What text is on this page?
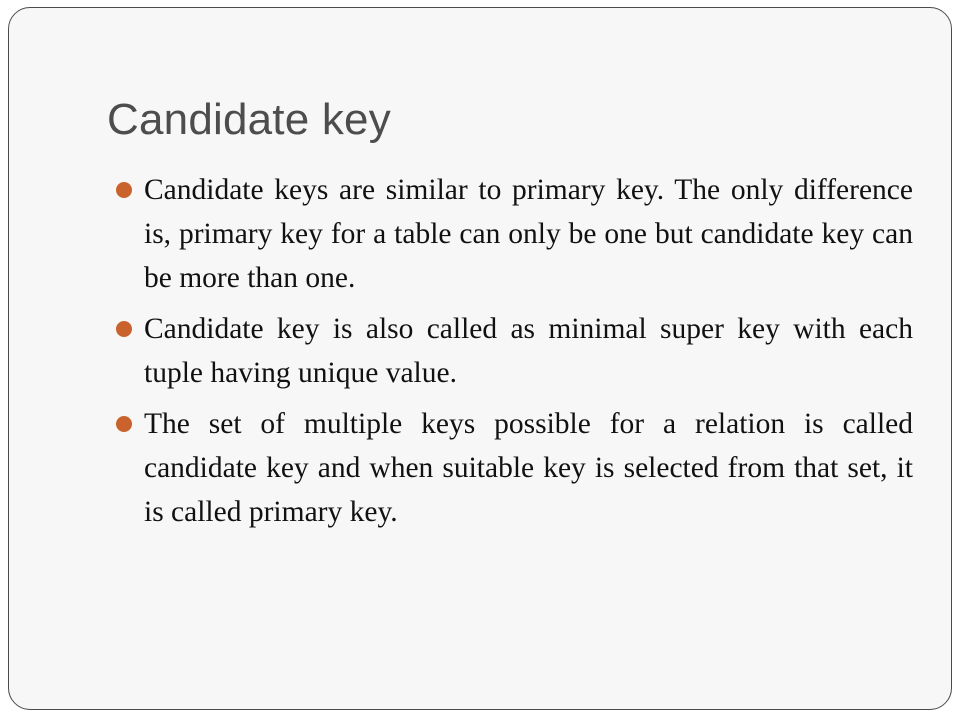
Candidate key
Candidate keys are similar to primary key. The only difference is, primary key for a table can only be one but candidate key can be more than one.
Candidate key is also called as minimal super key with each tuple having unique value.
The set of multiple keys possible for a relation is called candidate key and when suitable key is selected from that set, it is called primary key.
